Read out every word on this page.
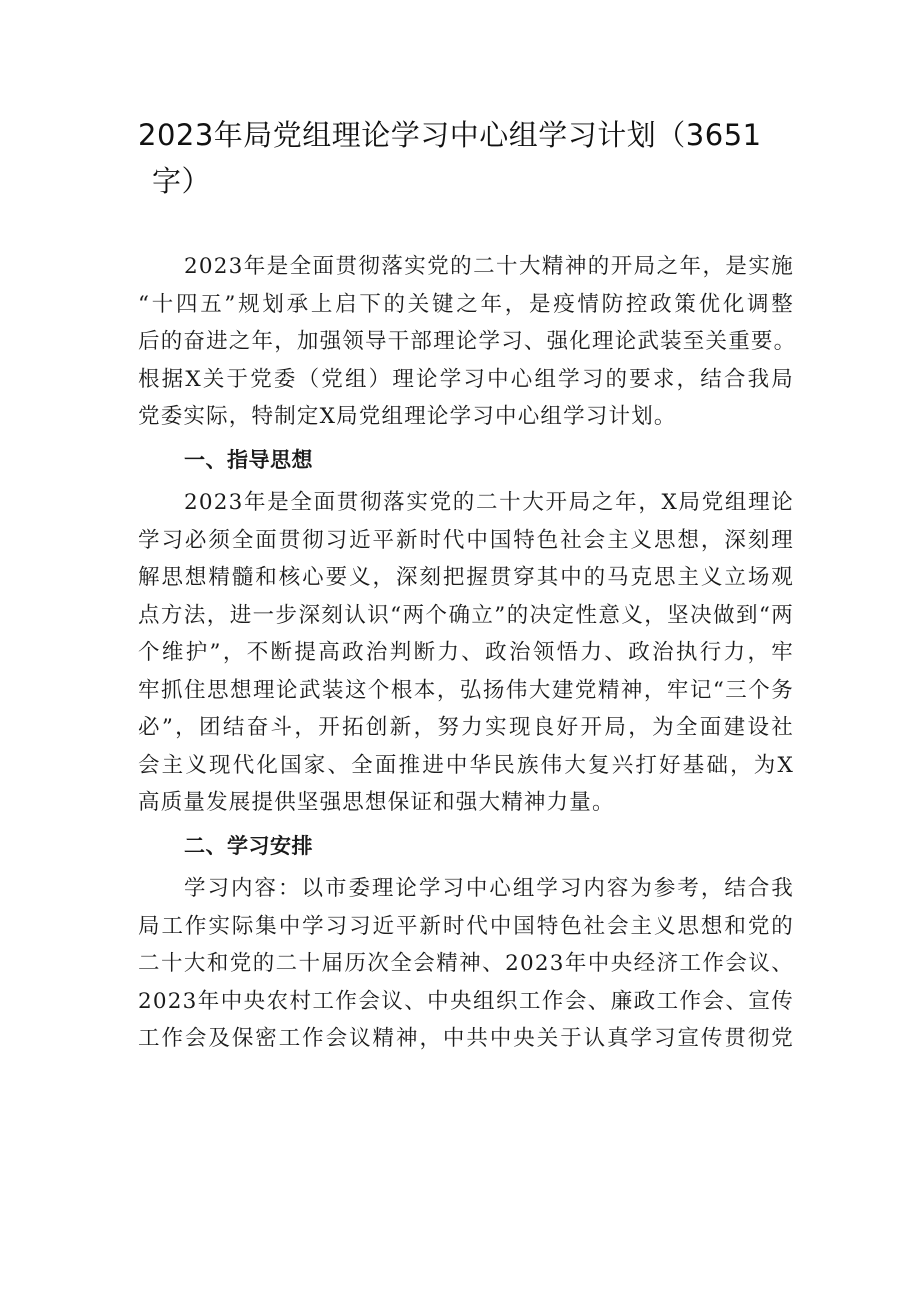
2023年局党组理论学习中心组学习计划（3651
字）

2023年是全面贯彻落实党的二十大精神的开局之年，是实施
“十四五”规划承上启下的关键之年，是疫情防控政策优化调整
后的奋进之年，加强领导干部理论学习、强化理论武装至关重要。
根据X关于党委（党组）理论学习中心组学习的要求，结合我局
党委实际，特制定X局党组理论学习中心组学习计划。

一、指导思想

2023年是全面贯彻落实党的二十大开局之年，X局党组理论
学习必须全面贯彻习近平新时代中国特色社会主义思想，深刻理
解思想精髓和核心要义，深刻把握贯穿其中的马克思主义立场观
点方法，进一步深刻认识“两个确立”的决定性意义，坚决做到“两
个维护”，不断提高政治判断力、政治领悟力、政治执行力，牢
牢抓住思想理论武装这个根本，弘扬伟大建党精神，牢记“三个务
必”，团结奋斗，开拓创新，努力实现良好开局，为全面建设社
会主义现代化国家、全面推进中华民族伟大复兴打好基础，为X
高质量发展提供坚强思想保证和强大精神力量。

二、学习安排

学习内容：以市委理论学习中心组学习内容为参考，结合我
局工作实际集中学习习近平新时代中国特色社会主义思想和党的
二十大和党的二十届历次全会精神、2023年中央经济工作会议、
2023年中央农村工作会议、中央组织工作会、廉政工作会、宣传
工作会及保密工作会议精神，中共中央关于认真学习宣传贯彻党
